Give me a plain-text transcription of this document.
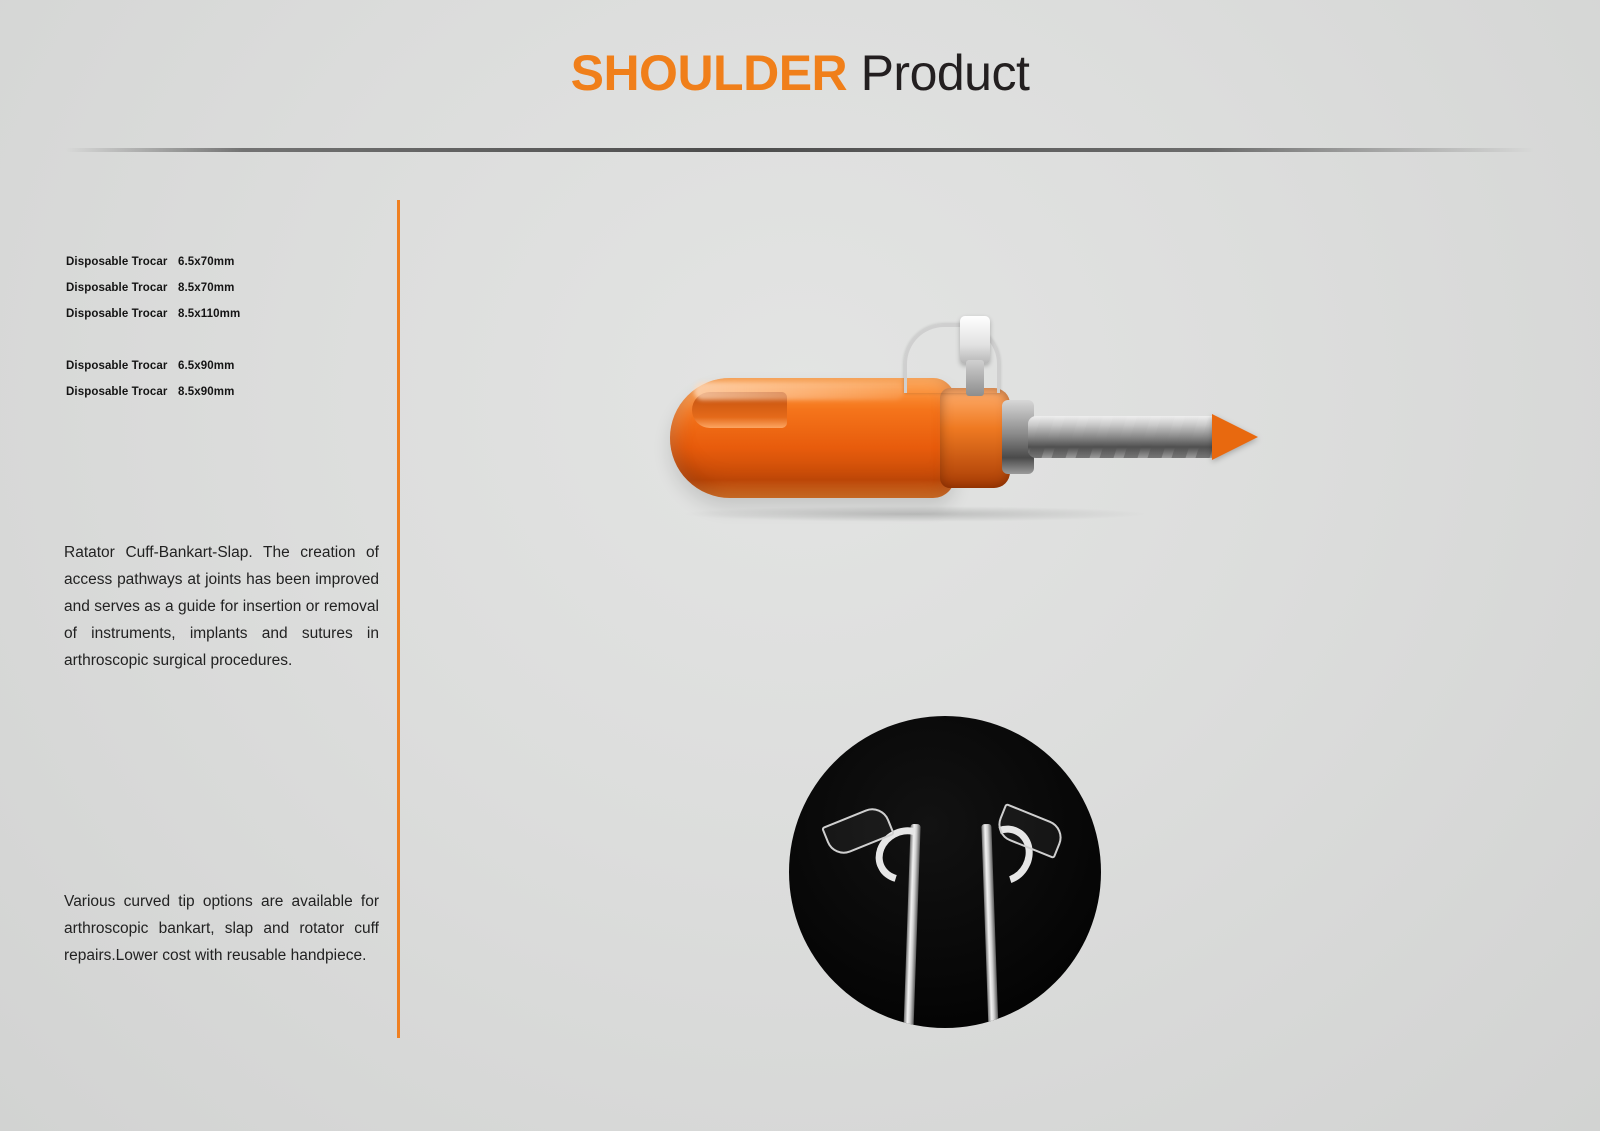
SHOULDER Product
Disposable Trocar 6.5x70mm
Disposable Trocar 8.5x70mm
Disposable Trocar 8.5x110mm
Disposable Trocar 6.5x90mm
Disposable Trocar 8.5x90mm
Ratator Cuff-Bankart-Slap. The creation of access pathways at joints has been improved and serves as a guide for insertion or removal of instruments, implants and sutures in arthroscopic surgical procedures.
Various curved tip options are available for arthroscopic bankart, slap and rotator cuff repairs.Lower cost with reusable handpiece.
